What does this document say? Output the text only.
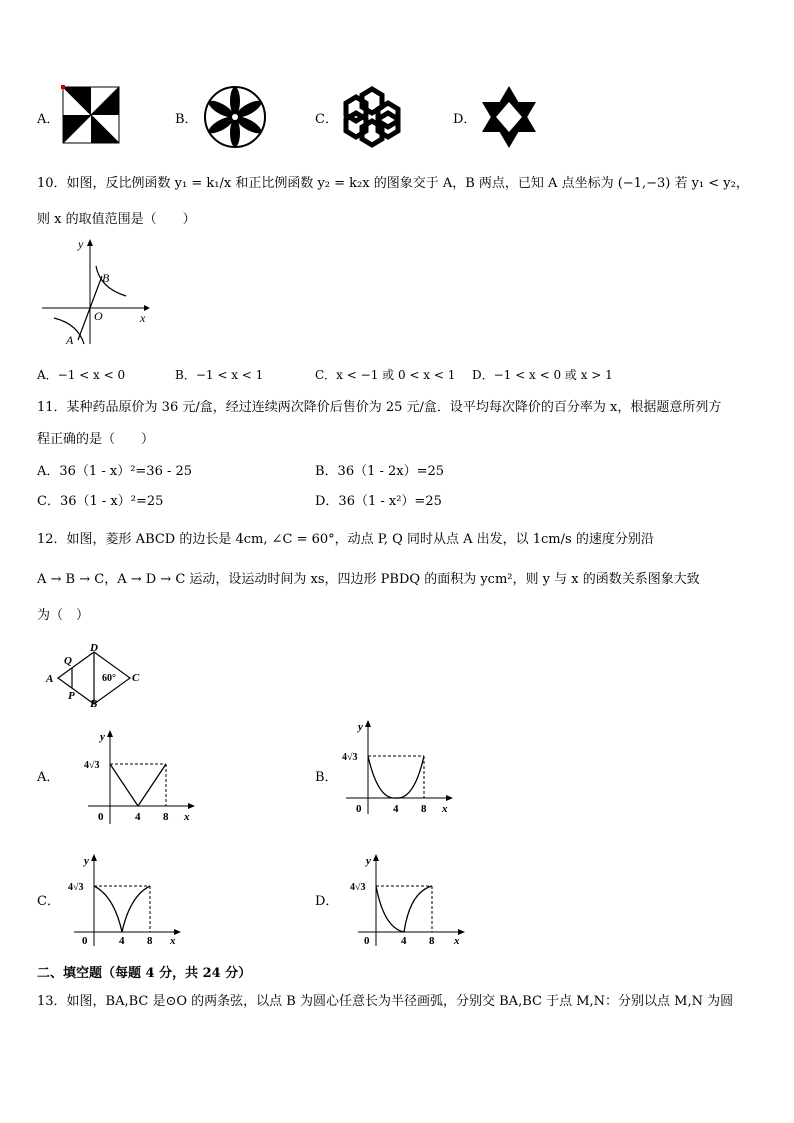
A．	B．	C．	D．
10．如图，反比例函数 y₁ = k₁/x 和正比例函数 y₂ = k₂x 的图象交于 A，B 两点，已知 A 点坐标为 (−1,−3) 若 y₁ < y₂，
则 x 的取值范围是（　　）
y
x
O
B
A
A．−1 < x < 0	B．−1 < x < 1	C．x < −1 或 0 < x < 1 D．−1 < x < 0 或 x > 1
11．某种药品原价为 36 元/盒，经过连续两次降价后售价为 25 元/盒．设平均每次降价的百分率为 x，根据题意所列方
程正确的是（　　）
A．36（1 - x）²=36 - 25	B．36（1 - 2x）=25
C．36（1 - x）²=25	D．36（1 - x²）=25
12．如图，菱形 ABCD 的边长是 4cm, ∠C = 60°，动点 P, Q 同时从点 A 出发，以 1cm/s 的速度分别沿
A → B → C，A → D → C 运动，设运动时间为 xs，四边形 PBDQ 的面积为 ycm²，则 y 与 x 的函数关系图象大致
为（　）
A
D
C
B
Q
P
60°
A．
y
x
0	4 8
4√3
B．
y
x
0	4 8
4√3
C．
y
x
0	4 8
4√3
D．
y
x
0	4 8
4√3
二、填空题（每题 4 分，共 24 分）
13．如图，BA,BC 是⊙O 的两条弦，以点 B 为圆心任意长为半径画弧，分别交 BA,BC 于点 M,N：分别以点 M,N 为圆
